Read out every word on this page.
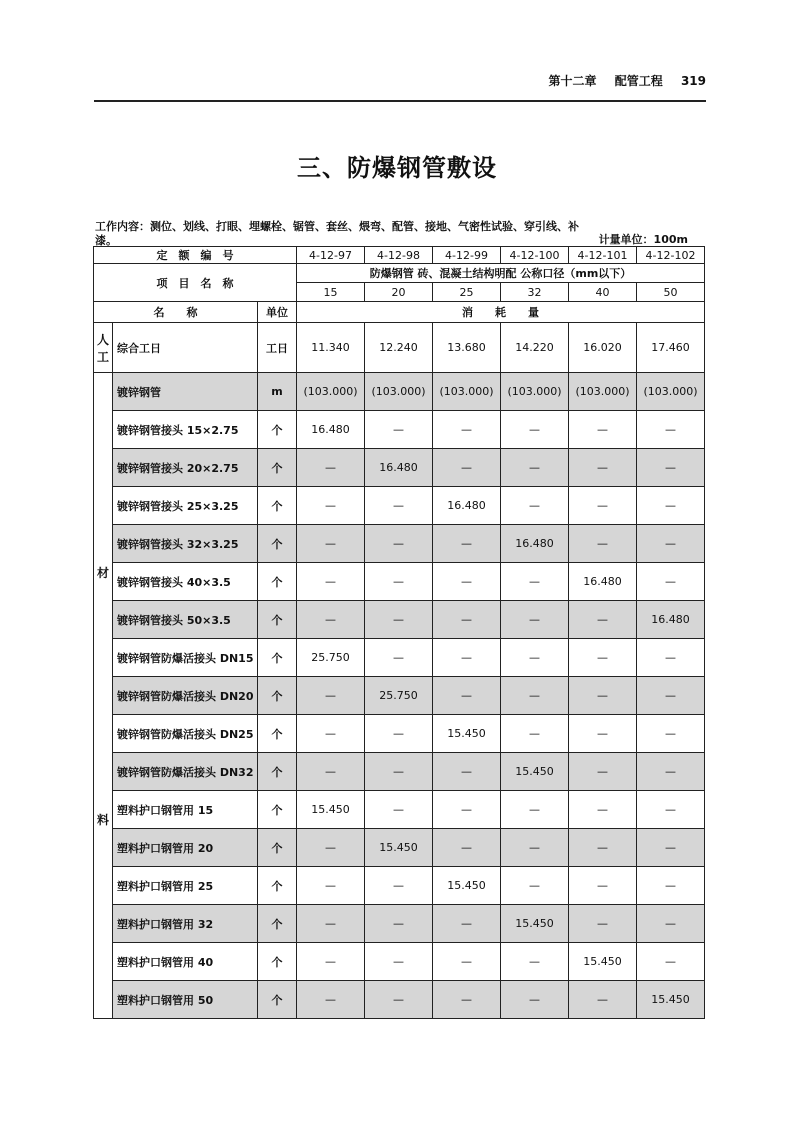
第十二章 配管工程 319
三、防爆钢管敷设
工作内容：测位、划线、打眼、埋螺栓、锯管、套丝、煨弯、配管、接地、气密性试验、穿引线、补漆。	计量单位：100m
定　额　编　号			4-12-97	4-12-98	4-12-99	4-12-100	4-12-101	4-12-102
项　目　名　称			防爆钢管 砖、混凝土结构明配 公称口径（mm以下）					
			15	20	25	32	40	50
名　　称		单位	消　　耗　　量					
人工	综合工日	工日	11.340	12.240	13.680	14.220	16.020	17.460

材
料	镀锌钢管	m	(103.000)	(103.000)	(103.000)	(103.000)	(103.000)	(103.000)
	镀锌钢管接头 15×2.75	个	16.480	—	—	—	—	—
	镀锌钢管接头 20×2.75	个	—	16.480	—	—	—	—
	镀锌钢管接头 25×3.25	个	—	—	16.480	—	—	—
	镀锌钢管接头 32×3.25	个	—	—	—	16.480	—	—
	镀锌钢管接头 40×3.5	个	—	—	—	—	16.480	—
	镀锌钢管接头 50×3.5	个	—	—	—	—	—	16.480
	镀锌钢管防爆活接头 DN15	个	25.750	—	—	—	—	—
	镀锌钢管防爆活接头 DN20	个	—	25.750	—	—	—	—
	镀锌钢管防爆活接头 DN25	个	—	—	15.450	—	—	—
	镀锌钢管防爆活接头 DN32	个	—	—	—	15.450	—	—
	塑料护口钢管用 15	个	15.450	—	—	—	—	—
	塑料护口钢管用 20	个	—	15.450	—	—	—	—
	塑料护口钢管用 25	个	—	—	15.450	—	—	—
	塑料护口钢管用 32	个	—	—	—	15.450	—	—
	塑料护口钢管用 40	个	—	—	—	—	15.450	—
	塑料护口钢管用 50	个	—	—	—	—	—	15.450
